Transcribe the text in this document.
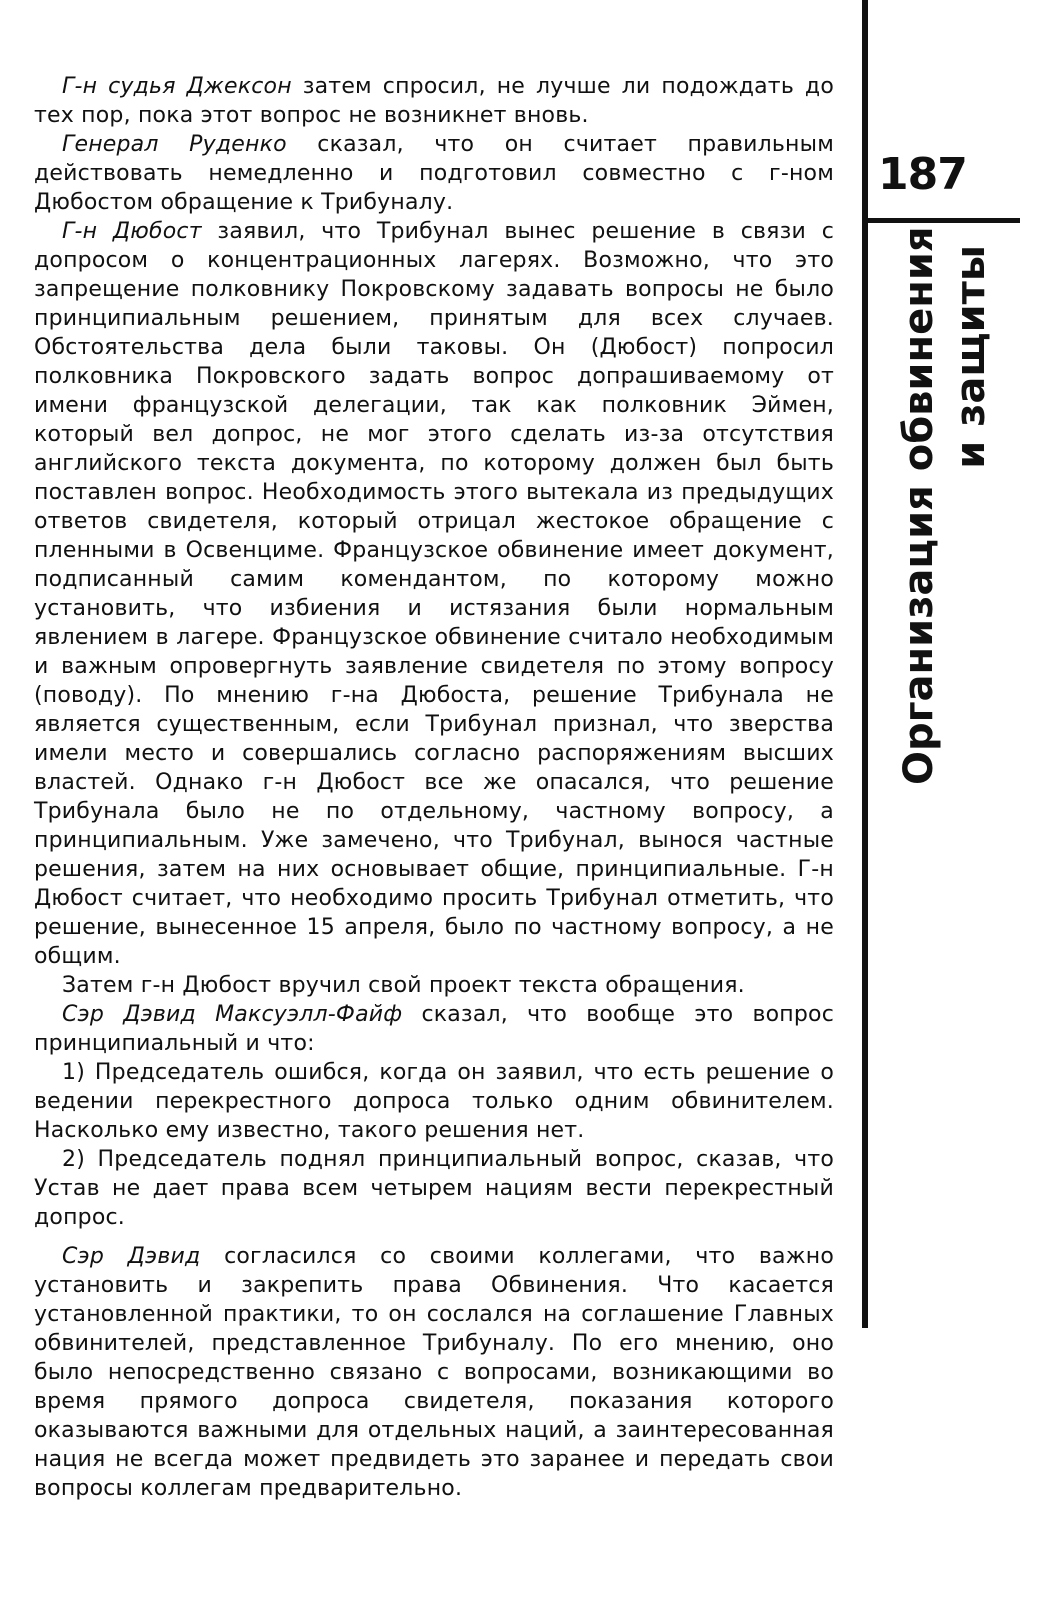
187
Организация обвинения и защиты

Г-н судья Джексон затем спросил, не лучше ли подождать до тех пор, пока этот вопрос не возникнет вновь.

Генерал Руденко сказал, что он считает правильным действовать немедленно и подготовил совместно с г-ном Дюбостом обращение к Трибуналу.

Г-н Дюбост заявил, что Трибунал вынес решение в связи с допросом о концентрационных лагерях. Возможно, что это запрещение полковнику Покровскому задавать вопросы не было принципиальным решением, принятым для всех случаев. Обстоятельства дела были таковы. Он (Дюбост) попросил полковника Покровского задать вопрос допрашиваемому от имени французской делегации, так как полковник Эймен, который вел допрос, не мог этого сделать из-за отсутствия английского текста документа, по которому должен был быть поставлен вопрос. Необходимость этого вытекала из предыдущих ответов свидетеля, который отрицал жестокое обращение с пленными в Освенциме. Французское обвинение имеет документ, подписанный самим комендантом, по которому можно установить, что избиения и истязания были нормальным явлением в лагере. Французское обвинение считало необходимым и важным опровергнуть заявление свидетеля по этому вопросу (поводу). По мнению г-на Дюбоста, решение Трибунала не является существенным, если Трибунал признал, что зверства имели место и совершались согласно распоряжениям высших властей. Однако г-н Дюбост все же опасался, что решение Трибунала было не по отдельному, частному вопросу, а принципиальным. Уже замечено, что Трибунал, вынося частные решения, затем на них основывает общие, принципиальные. Г-н Дюбост считает, что необходимо просить Трибунал отметить, что решение, вынесенное 15 апреля, было по частному вопросу, а не общим.

Затем г-н Дюбост вручил свой проект текста обращения.

Сэр Дэвид Максуэлл-Файф сказал, что вообще это вопрос принципиальный и что:

1) Председатель ошибся, когда он заявил, что есть решение о ведении перекрестного допроса только одним обвинителем. Насколько ему известно, такого решения нет.

2) Председатель поднял принципиальный вопрос, сказав, что Устав не дает права всем четырем нациям вести перекрестный допрос.

Сэр Дэвид согласился со своими коллегами, что важно установить и закрепить права Обвинения. Что касается установленной практики, то он сослался на соглашение Главных обвинителей, представленное Трибуналу. По его мнению, оно было непосредственно связано с вопросами, возникающими во время прямого допроса свидетеля, показания которого оказываются важными для отдельных наций, а заинтересованная нация не всегда может предвидеть это заранее и передать свои вопросы коллегам предварительно.
